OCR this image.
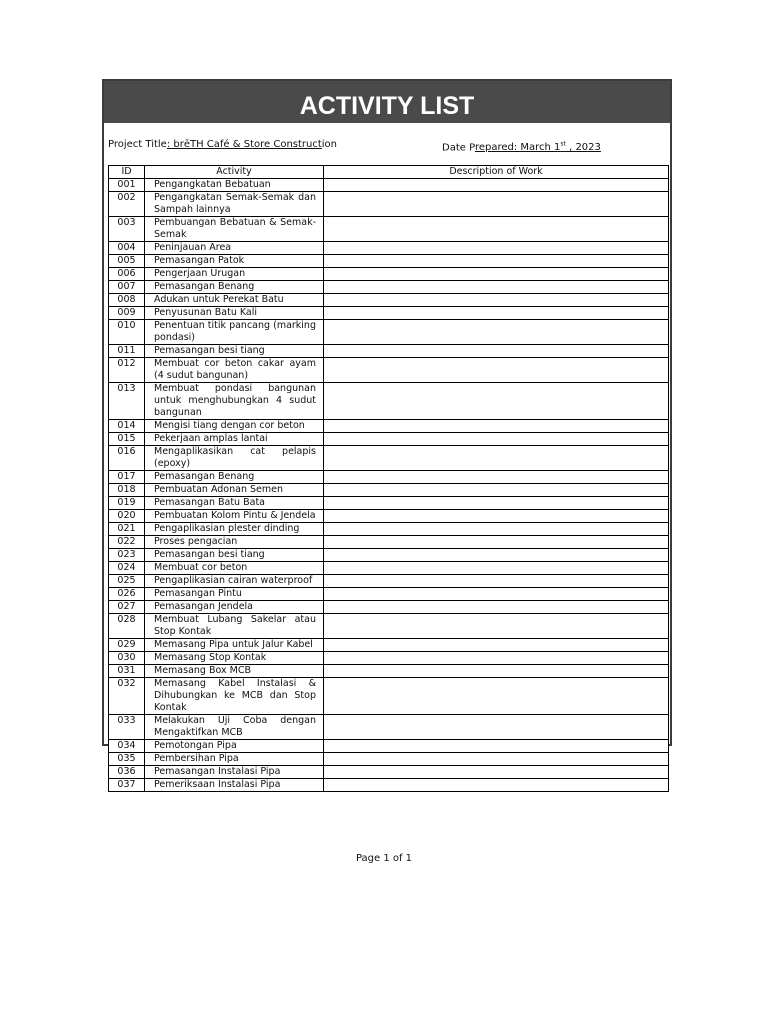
ACTIVITY LIST
Project Title: brēTH Café & Store Construction	Date Prepared: March 1st , 2023
ID	Activity	Description of Work
001	Pengangkatan Bebatuan	
002	Pengangkatan Semak-Semak dan Sampah lainnya	
003	Pembuangan Bebatuan & Semak-Semak	
004	Peninjauan Area	
005	Pemasangan Patok	
006	Pengerjaan Urugan	
007	Pemasangan Benang	
008	Adukan untuk Perekat Batu	
009	Penyusunan Batu Kali	
010	Penentuan titik pancang (marking pondasi)	
011	Pemasangan besi tiang	
012	Membuat cor beton cakar ayam (4 sudut bangunan)	
013	Membuat pondasi bangunan untuk menghubungkan 4 sudut bangunan	
014	Mengisi tiang dengan cor beton	
015	Pekerjaan amplas lantai	
016	Mengaplikasikan cat pelapis (epoxy)	
017	Pemasangan Benang	
018	Pembuatan Adonan Semen	
019	Pemasangan Batu Bata	
020	Pembuatan Kolom Pintu & Jendela	
021	Pengaplikasian plester dinding	
022	Proses pengacian	
023	Pemasangan besi tiang	
024	Membuat cor beton	
025	Pengaplikasian cairan waterproof	
026	Pemasangan Pintu	
027	Pemasangan Jendela	
028	Membuat Lubang Sakelar atau Stop Kontak	
029	Memasang Pipa untuk Jalur Kabel	
030	Memasang Stop Kontak	
031	Memasang Box MCB	
032	Memasang Kabel Instalasi & Dihubungkan ke MCB dan Stop Kontak	
033	Melakukan Uji Coba dengan Mengaktifkan MCB	
034	Pemotongan Pipa	
035	Pembersihan Pipa	
036	Pemasangan Instalasi Pipa	
037	Pemeriksaan Instalasi Pipa	
Page 1 of 1
